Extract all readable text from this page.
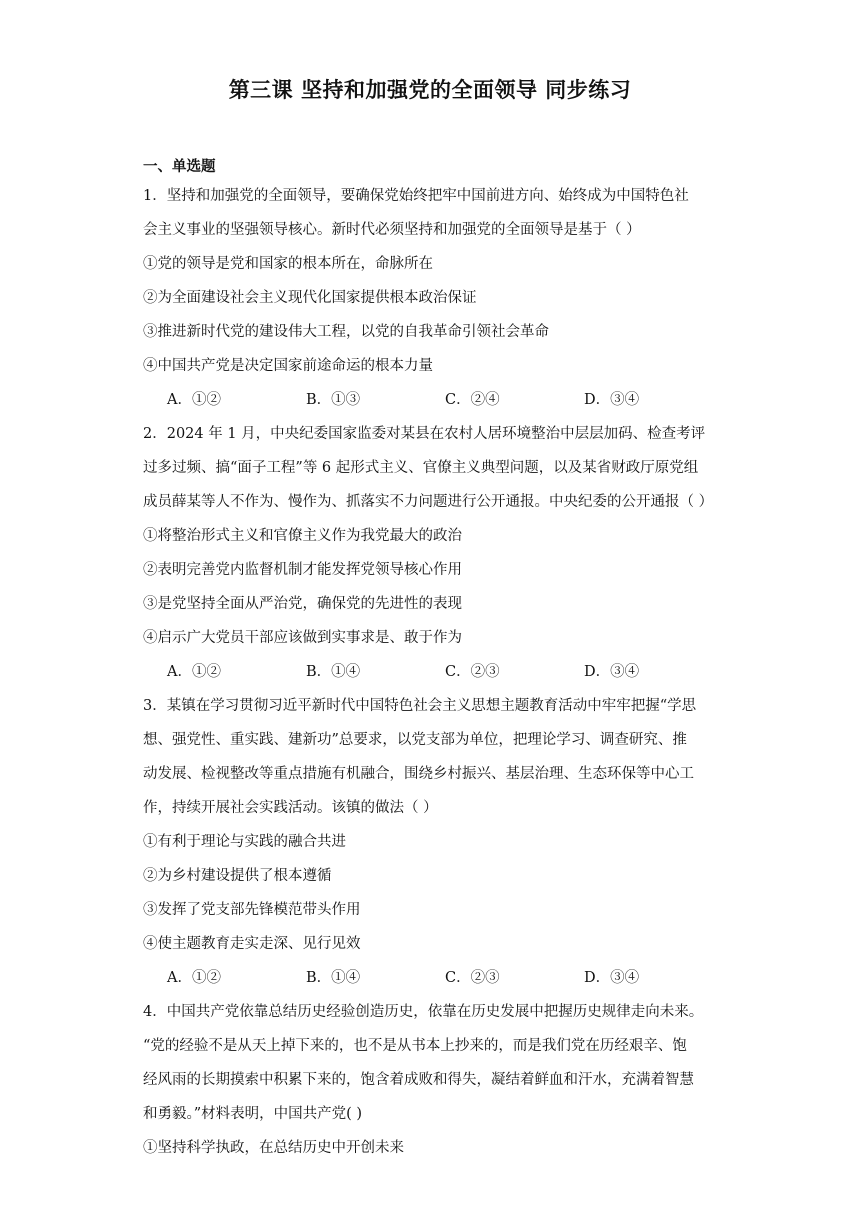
第三课 坚持和加强党的全面领导 同步练习
一、单选题
1．坚持和加强党的全面领导，要确保党始终把牢中国前进方向、始终成为中国特色社
会主义事业的坚强领导核心。新时代必须坚持和加强党的全面领导是基于（ ）
①党的领导是党和国家的根本所在，命脉所在
②为全面建设社会主义现代化国家提供根本政治保证
③推进新时代党的建设伟大工程，以党的自我革命引领社会革命
④中国共产党是决定国家前途命运的根本力量
A．①②	B．①③	C．②④	D．③④
2．2024 年 1 月，中央纪委国家监委对某县在农村人居环境整治中层层加码、检查考评
过多过频、搞“面子工程”等 6 起形式主义、官僚主义典型问题，以及某省财政厅原党组
成员薛某等人不作为、慢作为、抓落实不力问题进行公开通报。中央纪委的公开通报（ ）
①将整治形式主义和官僚主义作为我党最大的政治
②表明完善党内监督机制才能发挥党领导核心作用
③是党坚持全面从严治党，确保党的先进性的表现
④启示广大党员干部应该做到实事求是、敢于作为
A．①②	B．①④	C．②③	D．③④
3．某镇在学习贯彻习近平新时代中国特色社会主义思想主题教育活动中牢牢把握“学思
想、强党性、重实践、建新功”总要求，以党支部为单位，把理论学习、调查研究、推
动发展、检视整改等重点措施有机融合，围绕乡村振兴、基层治理、生态环保等中心工
作，持续开展社会实践活动。该镇的做法（ ）
①有利于理论与实践的融合共进
②为乡村建设提供了根本遵循
③发挥了党支部先锋模范带头作用
④使主题教育走实走深、见行见效
A．①②	B．①④	C．②③	D．③④
4．中国共产党依靠总结历史经验创造历史，依靠在历史发展中把握历史规律走向未来。
“党的经验不是从天上掉下来的，也不是从书本上抄来的，而是我们党在历经艰辛、饱
经风雨的长期摸索中积累下来的，饱含着成败和得失，凝结着鲜血和汗水，充满着智慧
和勇毅。”材料表明，中国共产党( )
①坚持科学执政，在总结历史中开创未来
